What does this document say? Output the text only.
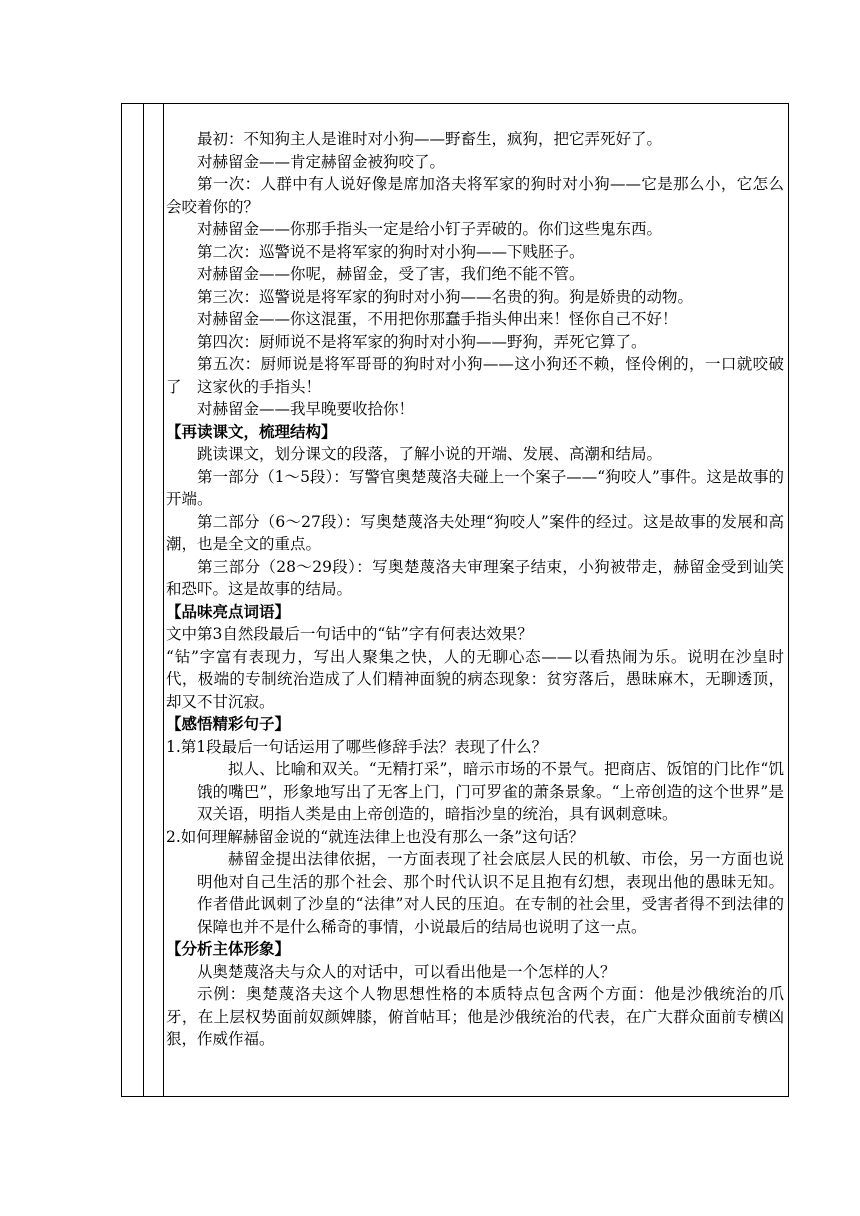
最初：不知狗主人是谁时对小狗——野畜生，疯狗，把它弄死好了。

对赫留金——肯定赫留金被狗咬了。

第一次：人群中有人说好像是席加洛夫将军家的狗时对小狗——它是那么小，它怎么会咬着你的？

对赫留金——你那手指头一定是给小钉子弄破的。你们这些鬼东西。

第二次：巡警说不是将军家的狗时对小狗——下贱胚子。

对赫留金——你呢，赫留金，受了害，我们绝不能不管。

第三次：巡警说是将军家的狗时对小狗——名贵的狗。狗是娇贵的动物。

对赫留金——你这混蛋，不用把你那蠢手指头伸出来！怪你自己不好！

第四次：厨师说不是将军家的狗时对小狗——野狗，弄死它算了。

第五次：厨师说是将军哥哥的狗时对小狗——这小狗还不赖，怪伶俐的，一口就咬破了　这家伙的手指头！

对赫留金——我早晚要收拾你！

【再读课文，梳理结构】

跳读课文，划分课文的段落，了解小说的开端、发展、高潮和结局。

第一部分（1～5段）：写警官奥楚蔑洛夫碰上一个案子——“狗咬人”事件。这是故事的开端。

第二部分（6～27段）：写奥楚蔑洛夫处理“狗咬人”案件的经过。这是故事的发展和高潮，也是全文的重点。

第三部分（28～29段）：写奥楚蔑洛夫审理案子结束，小狗被带走，赫留金受到讪笑和恐吓。这是故事的结局。

【品味亮点词语】

文中第3自然段最后一句话中的“钻”字有何表达效果？

“钻”字富有表现力，写出人聚集之快，人的无聊心态——以看热闹为乐。说明在沙皇时代，极端的专制统治造成了人们精神面貌的病态现象：贫穷落后，愚昧麻木，无聊透顶，却又不甘沉寂。

【感悟精彩句子】

1.第1段最后一句话运用了哪些修辞手法？表现了什么？

拟人、比喻和双关。“无精打采”，暗示市场的不景气。把商店、饭馆的门比作“饥饿的嘴巴”，形象地写出了无客上门，门可罗雀的萧条景象。“上帝创造的这个世界”是双关语，明指人类是由上帝创造的，暗指沙皇的统治，具有讽刺意味。

2.如何理解赫留金说的“就连法律上也没有那么一条”这句话？

赫留金提出法律依据，一方面表现了社会底层人民的机敏、市侩，另一方面也说明他对自己生活的那个社会、那个时代认识不足且抱有幻想，表现出他的愚昧无知。作者借此讽刺了沙皇的“法律”对人民的压迫。在专制的社会里，受害者得不到法律的保障也并不是什么稀奇的事情，小说最后的结局也说明了这一点。

【分析主体形象】

从奥楚蔑洛夫与众人的对话中，可以看出他是一个怎样的人？

示例：奥楚蔑洛夫这个人物思想性格的本质特点包含两个方面：他是沙俄统治的爪牙，在上层权势面前奴颜婢膝，俯首帖耳；他是沙俄统治的代表，在广大群众面前专横凶狠，作威作福。
